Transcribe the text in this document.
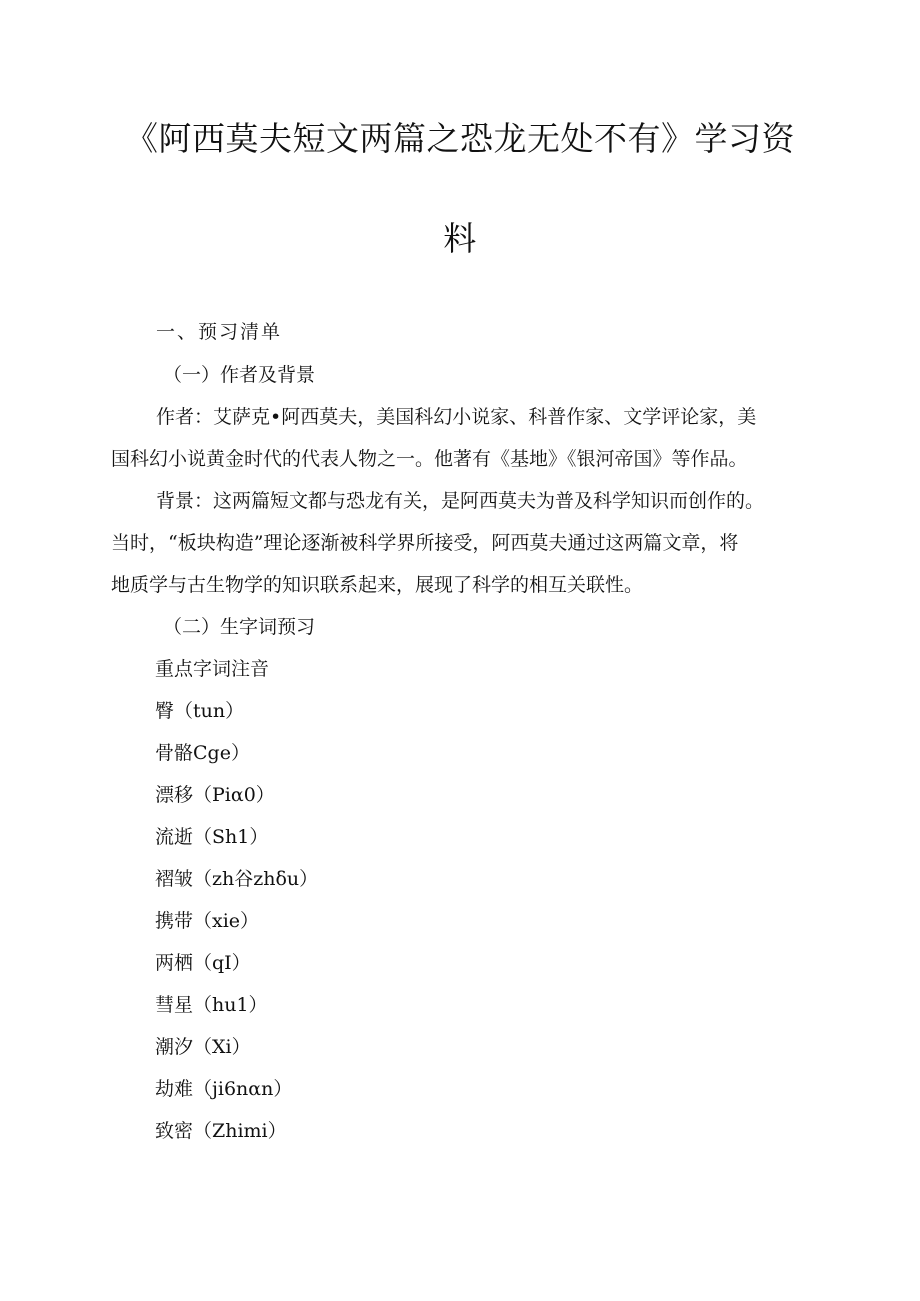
《阿西莫夫短文两篇之恐龙无处不有》学习资
料

一、预习清单

（一）作者及背景

作者：艾萨克•阿西莫夫，美国科幻小说家、科普作家、文学评论家，美

国科幻小说黄金时代的代表人物之一。他著有《基地》《银河帝国》等作品。

背景：这两篇短文都与恐龙有关，是阿西莫夫为普及科学知识而创作的。

当时，“板块构造”理论逐渐被科学界所接受，阿西莫夫通过这两篇文章，将

地质学与古生物学的知识联系起来，展现了科学的相互关联性。

（二）生字词预习

重点字词注音

臀（tun）

骨骼Cge）

漂移（Piα0）

流逝（Sh1）

褶皱（zh谷zhδu）

携带（xie）

两栖（qI）

彗星（hu1）

潮汐（Xi）

劫难（ji6nαn）

致密（Zhimi）
